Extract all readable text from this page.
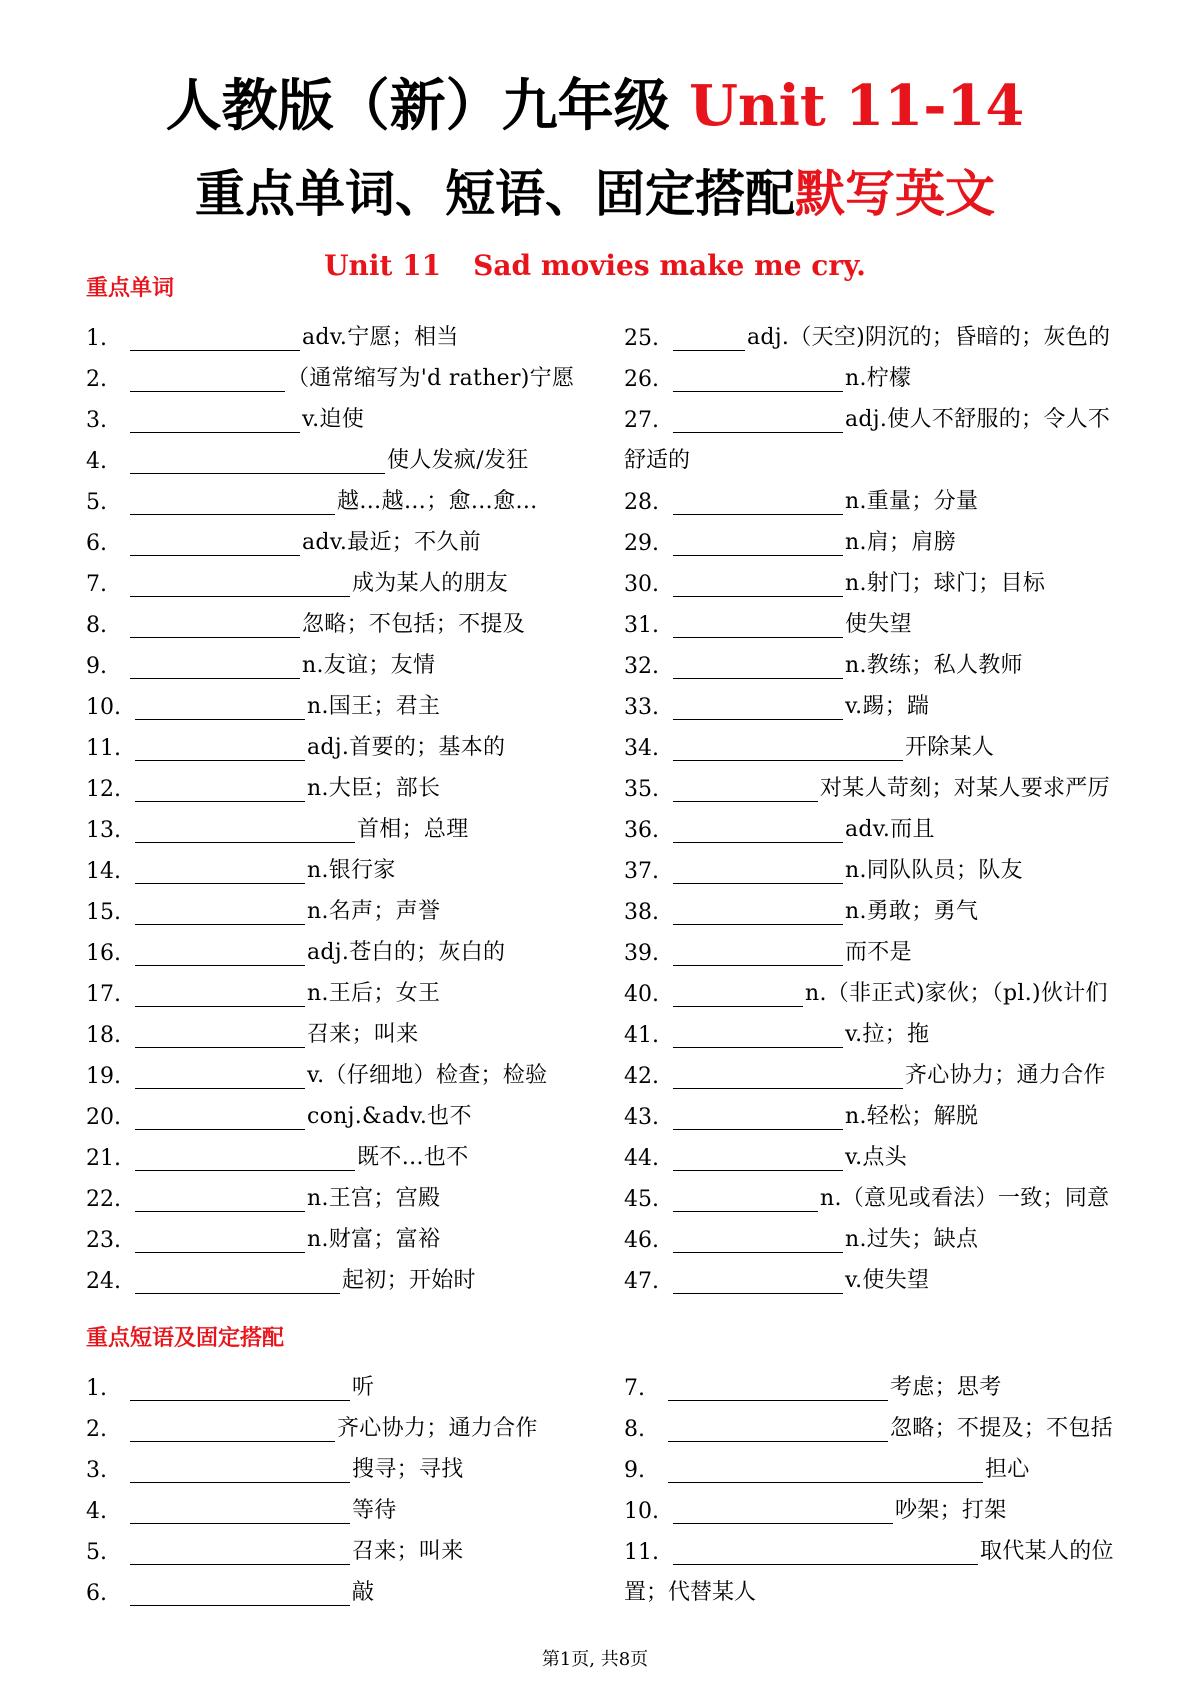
人教版（新）九年级 Unit 11-14
重点单词、短语、固定搭配默写英文
Unit 11 Sad movies make me cry.
重点单词
1.	adv.宁愿；相当
2.	（通常缩写为'd rather)宁愿
3.	v.迫使
4.	使人发疯/发狂
5.	越…越…；愈…愈…
6.	adv.最近；不久前
7.	成为某人的朋友
8.	忽略；不包括；不提及
9.	n.友谊；友情
10.	n.国王；君主
11.	adj.首要的；基本的
12.	n.大臣；部长
13.	首相；总理
14.	n.银行家
15.	n.名声；声誉
16.	adj.苍白的；灰白的
17.	n.王后；女王
18.	召来；叫来
19.	v.（仔细地）检查；检验
20.	conj.&adv.也不
21.	既不…也不
22.	n.王宫；宫殿
23.	n.财富；富裕
24.	起初；开始时
25.	adj.（天空)阴沉的；昏暗的；灰色的
26.	n.柠檬
27.	adj.使人不舒服的；令人不
舒适的
28.	n.重量；分量
29.	n.肩；肩膀
30.	n.射门；球门；目标
31.	使失望
32.	n.教练；私人教师
33.	v.踢；踹
34.	开除某人
35.	对某人苛刻；对某人要求严厉
36.	adv.而且
37.	n.同队队员；队友
38.	n.勇敢；勇气
39.	而不是
40.	n.（非正式)家伙；（pl.)伙计们
41.	v.拉；拖
42.	齐心协力；通力合作
43.	n.轻松；解脱
44.	v.点头
45.	n.（意见或看法）一致；同意
46.	n.过失；缺点
47.	v.使失望
重点短语及固定搭配
1.	听
2.	齐心协力；通力合作
3.	搜寻；寻找
4.	等待
5.	召来；叫来
6.	敲
7.	考虑；思考
8.	忽略；不提及；不包括
9.	担心
10.	吵架；打架
11.	取代某人的位
置；代替某人
第1页, 共8页
